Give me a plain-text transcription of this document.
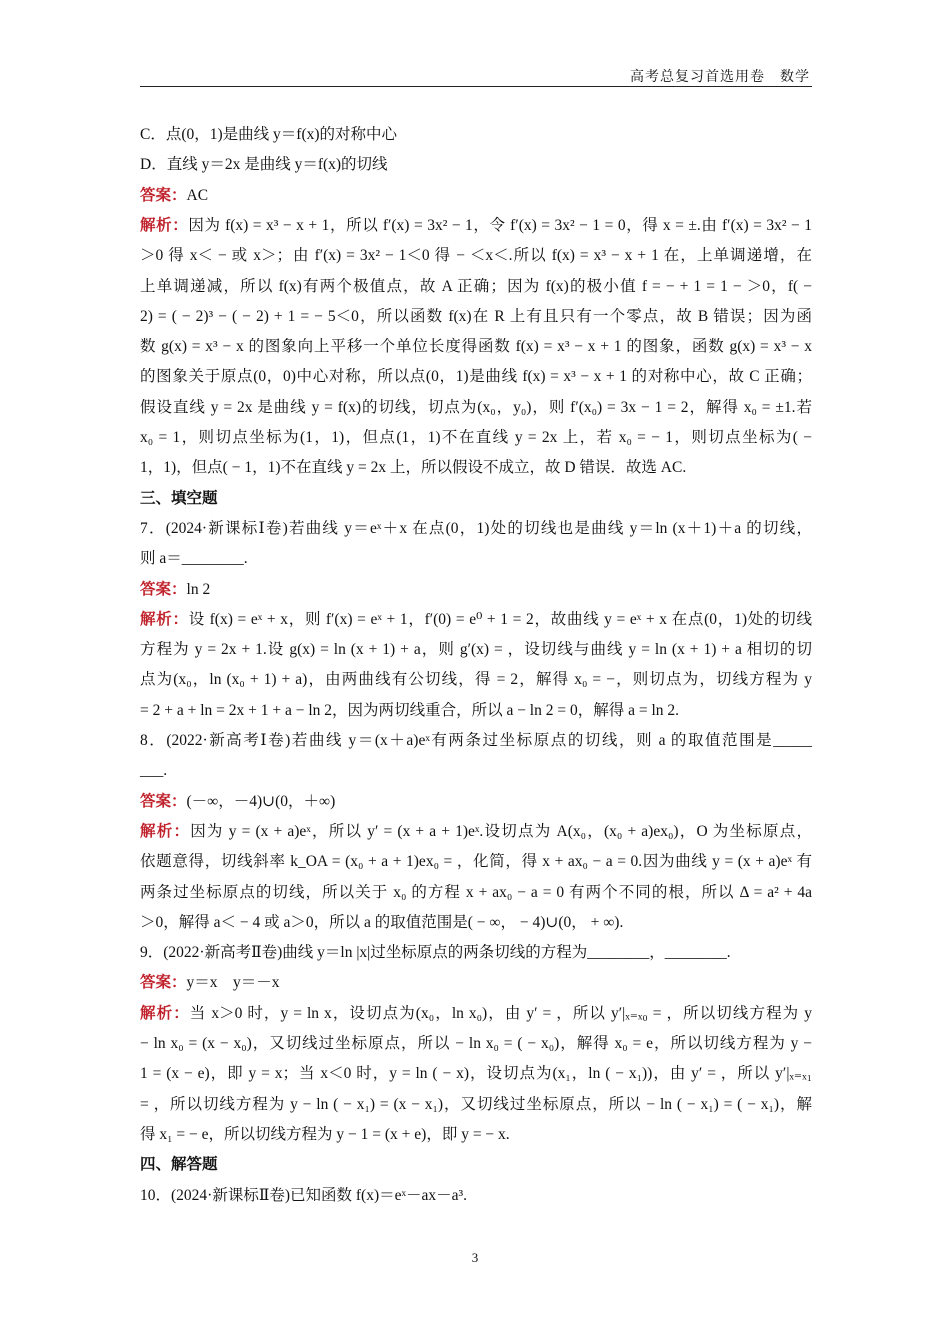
高考总复习首选用卷　数学
C．点(0，1)是曲线 y＝f(x)的对称中心
D．直线 y＝2x 是曲线 y＝f(x)的切线
答案：AC
解析：因为 f(x) = x³ − x + 1，所以 f′(x) = 3x² − 1，令 f′(x) = 3x² − 1 = 0，得 x = ±.由 f′(x) = 3x² − 1
＞0 得 x＜ − 或 x＞；由 f′(x) = 3x² − 1＜0 得 − ＜x＜.所以 f(x) = x³ − x + 1 在，上单调递增，在
上单调递减，所以 f(x)有两个极值点，故 A 正确；因为 f(x)的极小值 f = − + 1 = 1 − ＞0，f( −
2) = ( − 2)³ − ( − 2) + 1 = − 5＜0，所以函数 f(x)在 R 上有且只有一个零点，故 B 错误；因为函
数 g(x) = x³ − x 的图象向上平移一个单位长度得函数 f(x) = x³ − x + 1 的图象，函数 g(x) = x³ − x
的图象关于原点(0，0)中心对称，所以点(0，1)是曲线 f(x) = x³ − x + 1 的对称中心，故 C 正确；
假设直线 y = 2x 是曲线 y = f(x)的切线，切点为(x₀，y₀)，则 f′(x₀) = 3x − 1 = 2，解得 x₀ = ±1.若
x₀ = 1，则切点坐标为(1，1)，但点(1，1)不在直线 y = 2x 上，若 x₀ = − 1，则切点坐标为( −
1，1)，但点( − 1，1)不在直线 y = 2x 上，所以假设不成立，故 D 错误．故选 AC.
三、填空题
7．(2024·新课标Ⅰ卷)若曲线 y＝eˣ＋x 在点(0，1)处的切线也是曲线 y＝ln (x＋1)＋a 的切线，
则 a＝________.
答案：ln 2
解析：设 f(x) = eˣ + x，则 f′(x) = eˣ + 1，f′(0) = e⁰ + 1 = 2，故曲线 y = eˣ + x 在点(0，1)处的切线
方程为 y = 2x + 1.设 g(x) = ln (x + 1) + a，则 g′(x) = ，设切线与曲线 y = ln (x + 1) + a 相切的切
点为(x₀，ln (x₀ + 1) + a)，由两曲线有公切线，得 = 2，解得 x₀ = −，则切点为，切线方程为 y
= 2 + a + ln = 2x + 1 + a − ln 2，因为两切线重合，所以 a − ln 2 = 0，解得 a = ln 2.
8．(2022·新高考Ⅰ卷)若曲线 y＝(x＋a)eˣ有两条过坐标原点的切线，则 a 的取值范围是_____
___.
答案：(－∞，－4)∪(0，＋∞)
解析：因为 y = (x + a)eˣ，所以 y′ = (x + a + 1)eˣ.设切点为 A(x₀，(x₀ + a)ex₀)，O 为坐标原点，
依题意得，切线斜率 k_OA = (x₀ + a + 1)ex₀ = ，化简，得 x + ax₀ − a = 0.因为曲线 y = (x + a)eˣ 有
两条过坐标原点的切线，所以关于 x₀ 的方程 x + ax₀ − a = 0 有两个不同的根，所以 Δ = a² + 4a
＞0，解得 a＜ − 4 或 a＞0，所以 a 的取值范围是( − ∞， − 4)∪(0， + ∞).
9．(2022·新高考Ⅱ卷)曲线 y＝ln |x|过坐标原点的两条切线的方程为________，________.
答案：y＝x　y＝－x
解析：当 x＞0 时，y = ln x，设切点为(x₀，ln x₀)，由 y′ = ，所以 y′|ₓ₌ₓ₀ = ，所以切线方程为 y
− ln x₀ = (x − x₀)，又切线过坐标原点，所以 − ln x₀ = ( − x₀)，解得 x₀ = e，所以切线方程为 y −
1 = (x − e)，即 y = x；当 x＜0 时，y = ln ( − x)，设切点为(x₁，ln ( − x₁))，由 y′ = ，所以 y′|ₓ₌ₓ₁
= ，所以切线方程为 y − ln ( − x₁) = (x − x₁)，又切线过坐标原点，所以 − ln ( − x₁) = ( − x₁)，解
得 x₁ = − e，所以切线方程为 y − 1 = (x + e)，即 y = − x.
四、解答题
10．(2024·新课标Ⅱ卷)已知函数 f(x)＝eˣ－ax－a³.
3
